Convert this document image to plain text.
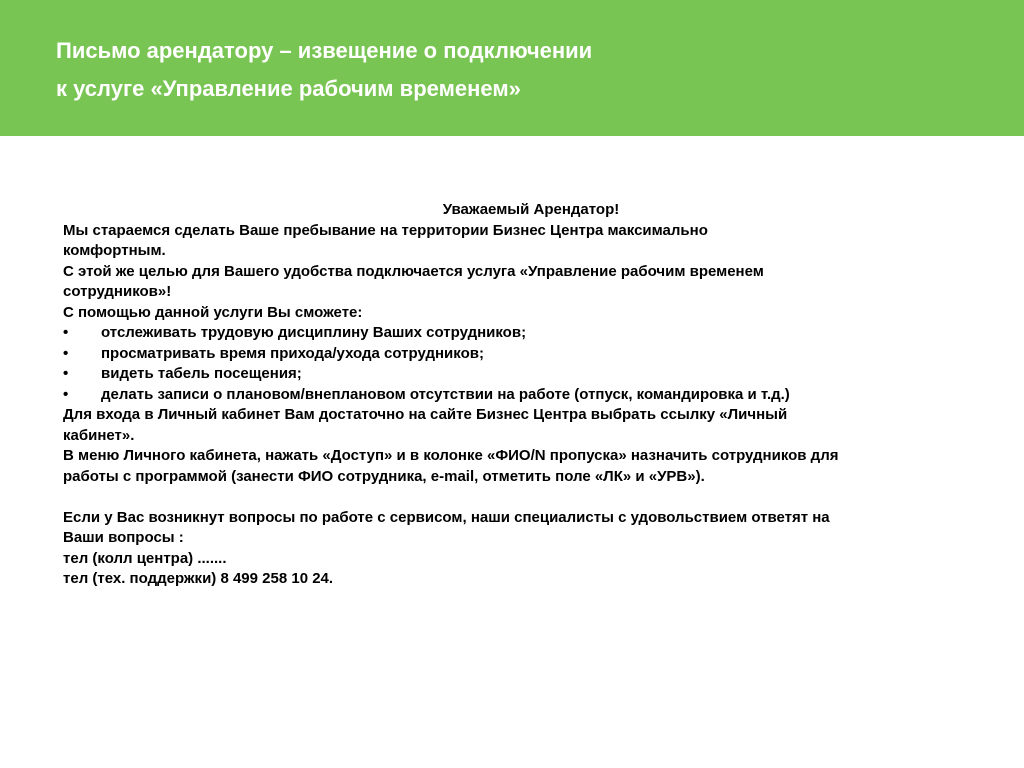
Письмо арендатору – извещение о подключении
к услуге «Управление рабочим временем»
Уважаемый Арендатор!
Мы стараемся сделать Ваше пребывание на территории Бизнес Центра максимально
комфортным.
С этой же целью для Вашего удобства подключается услуга «Управление рабочим временем
сотрудников»!
С помощью данной услуги Вы сможете:
•	отслеживать трудовую дисциплину Ваших сотрудников;
•	просматривать время прихода/ухода сотрудников;
•	видеть табель посещения;
•	делать записи о плановом/внеплановом отсутствии на работе (отпуск, командировка и т.д.)
Для входа в Личный кабинет Вам достаточно на сайте Бизнес Центра выбрать ссылку «Личный
кабинет».
В меню Личного кабинета, нажать «Доступ» и в колонке «ФИО/N пропуска» назначить сотрудников для
работы с программой (занести ФИО сотрудника, e-mail, отметить поле «ЛК» и «УРВ»).
Если у Вас возникнут вопросы по работе с сервисом, наши специалисты с удовольствием ответят на
Ваши вопросы :
тел (колл центра) .......
тел (тех. поддержки) 8 499 258 10 24.
